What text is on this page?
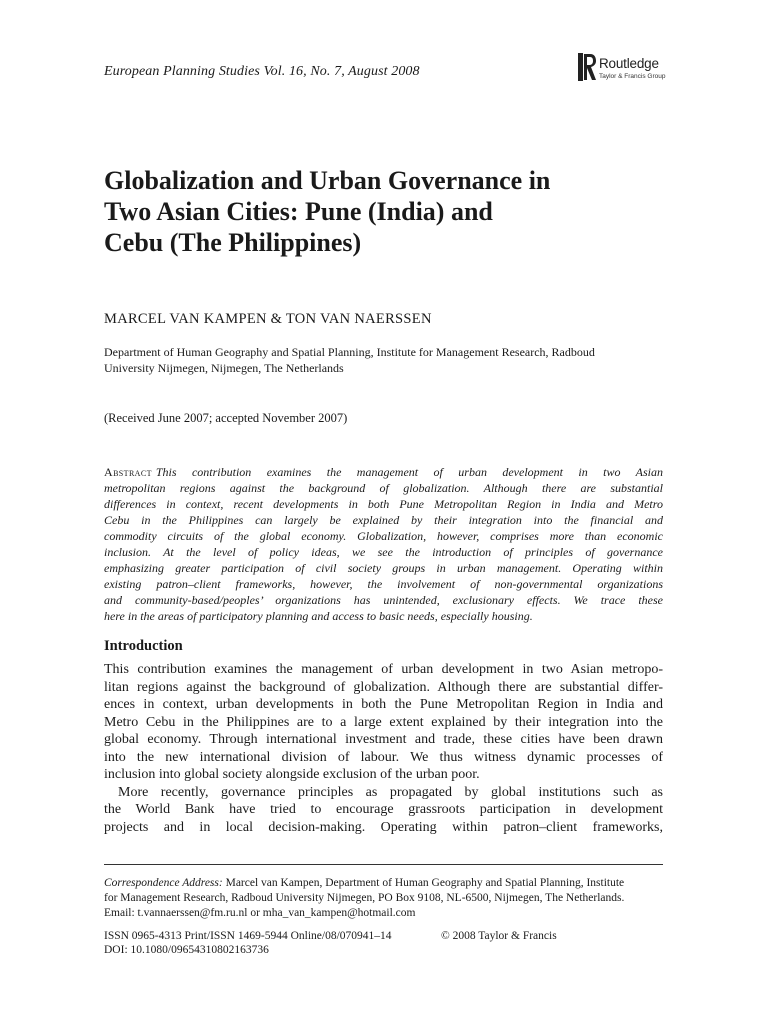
European Planning Studies Vol. 16, No. 7, August 2008
Routledge
Taylor & Francis Group
Globalization and Urban Governance in
Two Asian Cities: Pune (India) and
Cebu (The Philippines)
MARCEL VAN KAMPEN & TON VAN NAERSSEN
Department of Human Geography and Spatial Planning, Institute for Management Research, Radboud
University Nijmegen, Nijmegen, The Netherlands
(Received June 2007; accepted November 2007)
Abstract This contribution examines the management of urban development in two Asian
metropolitan regions against the background of globalization. Although there are substantial
differences in context, recent developments in both Pune Metropolitan Region in India and Metro
Cebu in the Philippines can largely be explained by their integration into the financial and
commodity circuits of the global economy. Globalization, however, comprises more than economic
inclusion. At the level of policy ideas, we see the introduction of principles of governance
emphasizing greater participation of civil society groups in urban management. Operating within
existing patron–client frameworks, however, the involvement of non-governmental organizations
and community-based/peoples’ organizations has unintended, exclusionary effects. We trace these
here in the areas of participatory planning and access to basic needs, especially housing.
Introduction
This contribution examines the management of urban development in two Asian metropo-
litan regions against the background of globalization. Although there are substantial differ-
ences in context, urban developments in both the Pune Metropolitan Region in India and
Metro Cebu in the Philippines are to a large extent explained by their integration into the
global economy. Through international investment and trade, these cities have been drawn
into the new international division of labour. We thus witness dynamic processes of
inclusion into global society alongside exclusion of the urban poor.
More recently, governance principles as propagated by global institutions such as
the World Bank have tried to encourage grassroots participation in development
projects and in local decision-making. Operating within patron–client frameworks,
Correspondence Address: Marcel van Kampen, Department of Human Geography and Spatial Planning, Institute
for Management Research, Radboud University Nijmegen, PO Box 9108, NL-6500, Nijmegen, The Netherlands.
Email: t.vannaerssen@fm.ru.nl or mha_van_kampen@hotmail.com
ISSN 0965-4313 Print/ISSN 1469-5944 Online/08/070941–14
DOI: 10.1080/09654310802163736
© 2008 Taylor & Francis
